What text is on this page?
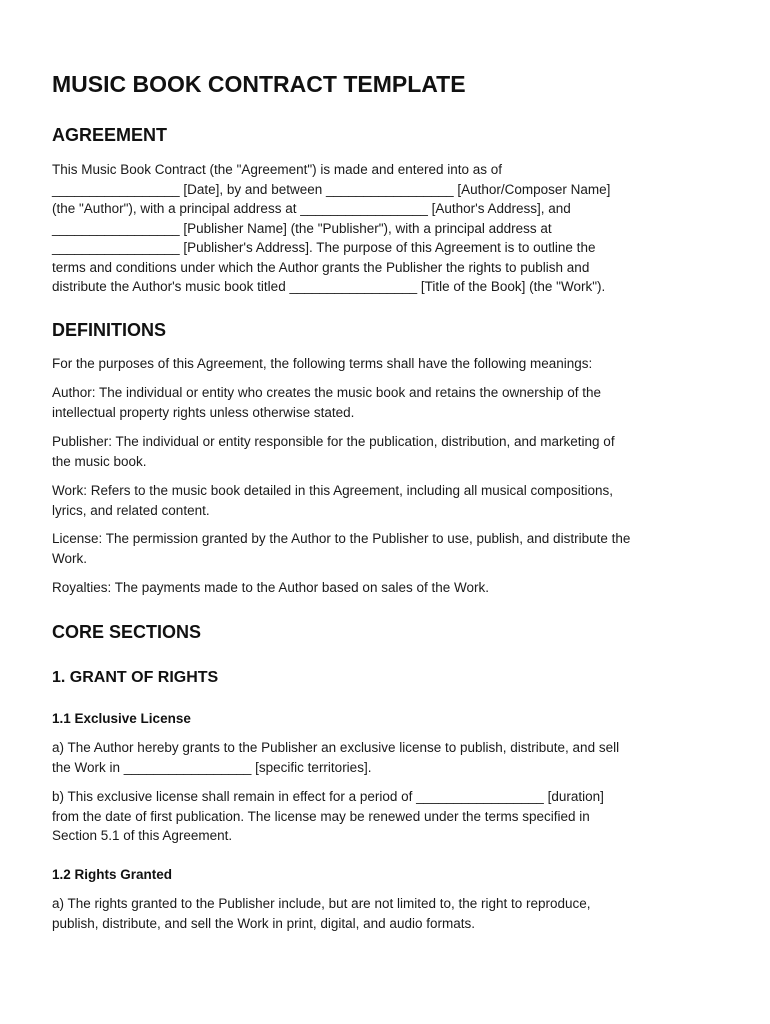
MUSIC BOOK CONTRACT TEMPLATE
AGREEMENT

This Music Book Contract (the "Agreement") is made and entered into as of
_________________ [Date], by and between _________________ [Author/Composer Name]
(the "Author"), with a principal address at _________________ [Author's Address], and
_________________ [Publisher Name] (the "Publisher"), with a principal address at
_________________ [Publisher's Address]. The purpose of this Agreement is to outline the
terms and conditions under which the Author grants the Publisher the rights to publish and
distribute the Author's music book titled _________________ [Title of the Book] (the "Work").

DEFINITIONS

For the purposes of this Agreement, the following terms shall have the following meanings:

Author: The individual or entity who creates the music book and retains the ownership of the
intellectual property rights unless otherwise stated.

Publisher: The individual or entity responsible for the publication, distribution, and marketing of
the music book.

Work: Refers to the music book detailed in this Agreement, including all musical compositions,
lyrics, and related content.

License: The permission granted by the Author to the Publisher to use, publish, and distribute the
Work.

Royalties: The payments made to the Author based on sales of the Work.

CORE SECTIONS
1. GRANT OF RIGHTS
1.1 Exclusive License

a) The Author hereby grants to the Publisher an exclusive license to publish, distribute, and sell
the Work in _________________ [specific territories].

b) This exclusive license shall remain in effect for a period of _________________ [duration]
from the date of first publication. The license may be renewed under the terms specified in
Section 5.1 of this Agreement.

1.2 Rights Granted

a) The rights granted to the Publisher include, but are not limited to, the right to reproduce,
publish, distribute, and sell the Work in print, digital, and audio formats.
